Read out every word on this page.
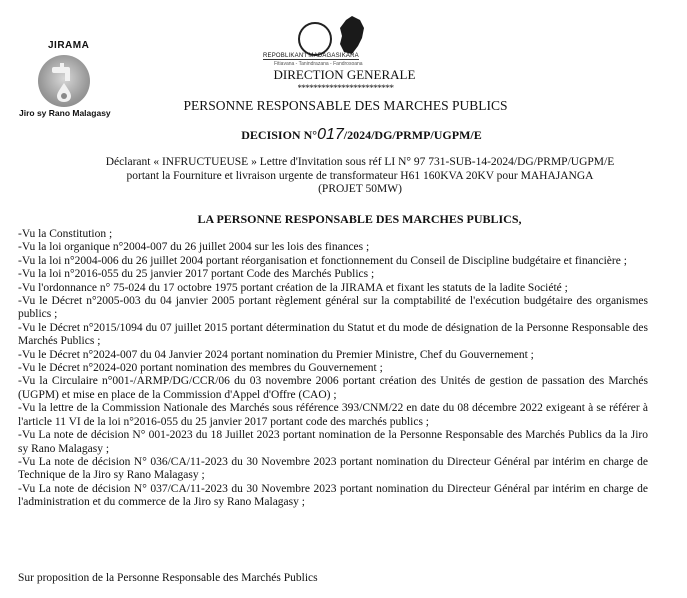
JIRAMA
Jiro sy Rano Malagasy
REPOBLIKAN'I MADAGASIKARA
Fitiavana - Tanindrazana - Fandrosoana
DIRECTION GENERALE
************************
PERSONNE RESPONSABLE DES MARCHES PUBLICS
DECISION N°017/2024/DG/PRMP/UGPM/E
Déclarant « INFRUCTUEUSE » Lettre d'Invitation sous réf LI N° 97 731-SUB-14-2024/DG/PRMP/UGPM/E
portant la Fourniture et livraison urgente de transformateur H61 160KVA 20KV pour MAHAJANGA
(PROJET 50MW)
LA PERSONNE RESPONSABLE DES MARCHES PUBLICS,
-Vu la Constitution ;
-Vu la loi organique n°2004-007 du 26 juillet 2004 sur les lois des finances ;
-Vu la loi n°2004-006 du 26 juillet 2004 portant réorganisation et fonctionnement du Conseil de Discipline budgétaire et financière ;
-Vu la loi n°2016-055 du 25 janvier 2017 portant Code des Marchés Publics ;
-Vu l'ordonnance n° 75-024 du 17 octobre 1975 portant création de la JIRAMA et fixant les statuts de la ladite Société ;
-Vu le Décret n°2005-003 du 04 janvier 2005 portant règlement général sur la comptabilité de l'exécution budgétaire des organismes publics ;
-Vu le Décret n°2015/1094 du 07 juillet 2015 portant détermination du Statut et du mode de désignation de la Personne Responsable des Marchés Publics ;
-Vu le Décret n°2024-007 du 04 Janvier 2024 portant nomination du Premier Ministre, Chef du Gouvernement ;
-Vu le Décret n°2024-020 portant nomination des membres du Gouvernement ;
-Vu la Circulaire n°001-/ARMP/DG/CCR/06 du 03 novembre 2006 portant création des Unités de gestion de passation des Marchés (UGPM) et mise en place de la Commission d'Appel d'Offre (CAO) ;
-Vu la lettre de la Commission Nationale des Marchés sous référence 393/CNM/22 en date du 08 décembre 2022 exigeant à se référer à l'article 11 VI de la loi n°2016-055 du 25 janvier 2017 portant code des marchés publics ;
-Vu La note de décision N° 001-2023 du 18 Juillet 2023 portant nomination de la Personne Responsable des Marchés Publics da la Jiro sy Rano Malagasy ;
-Vu La note de décision N° 036/CA/11-2023 du 30 Novembre 2023 portant nomination du Directeur Général par intérim en charge de Technique de la Jiro sy Rano Malagasy ;
-Vu La note de décision N° 037/CA/11-2023 du 30 Novembre 2023 portant nomination du Directeur Général par intérim en charge de l'administration et du commerce de la Jiro sy Rano Malagasy ;
Sur proposition de la Personne Responsable des Marchés Publics
